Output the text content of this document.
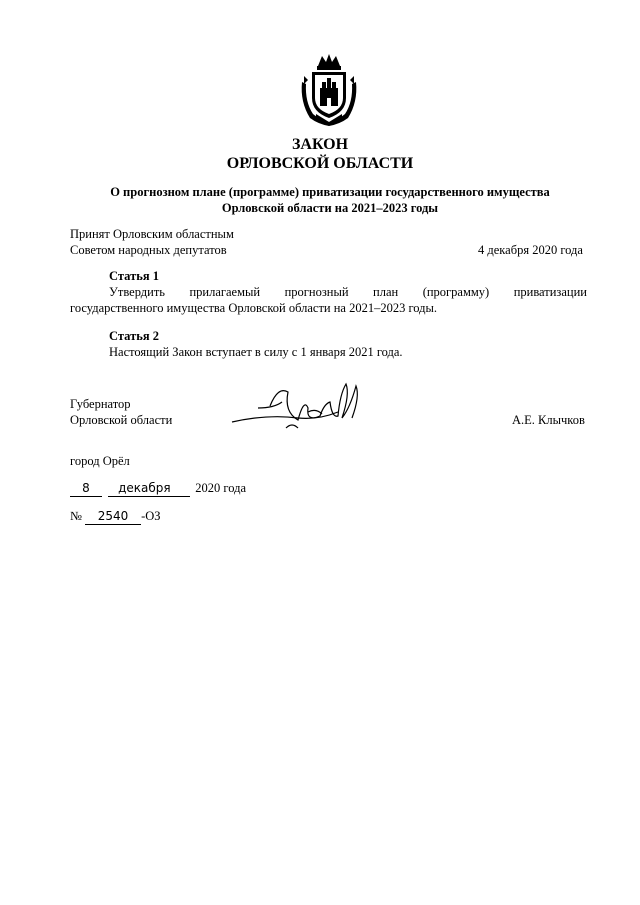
ЗАКОН
ОРЛОВСКОЙ ОБЛАСТИ
О прогнозном плане (программе) приватизации государственного имущества
Орловской области на 2021–2023 годы
Принят Орловским областным
Советом народных депутатов	4 декабря 2020 года
Статья 1
Утвердить прилагаемый прогнозный план (программу) приватизации
государственного имущества Орловской области на 2021–2023 годы.
Статья 2
Настоящий Закон вступает в силу с 1 января 2021 года.
Губернатор
Орловской области	А.Е. Клычков
город Орёл
8 декабря 2020 года
№ 2540 -ОЗ
